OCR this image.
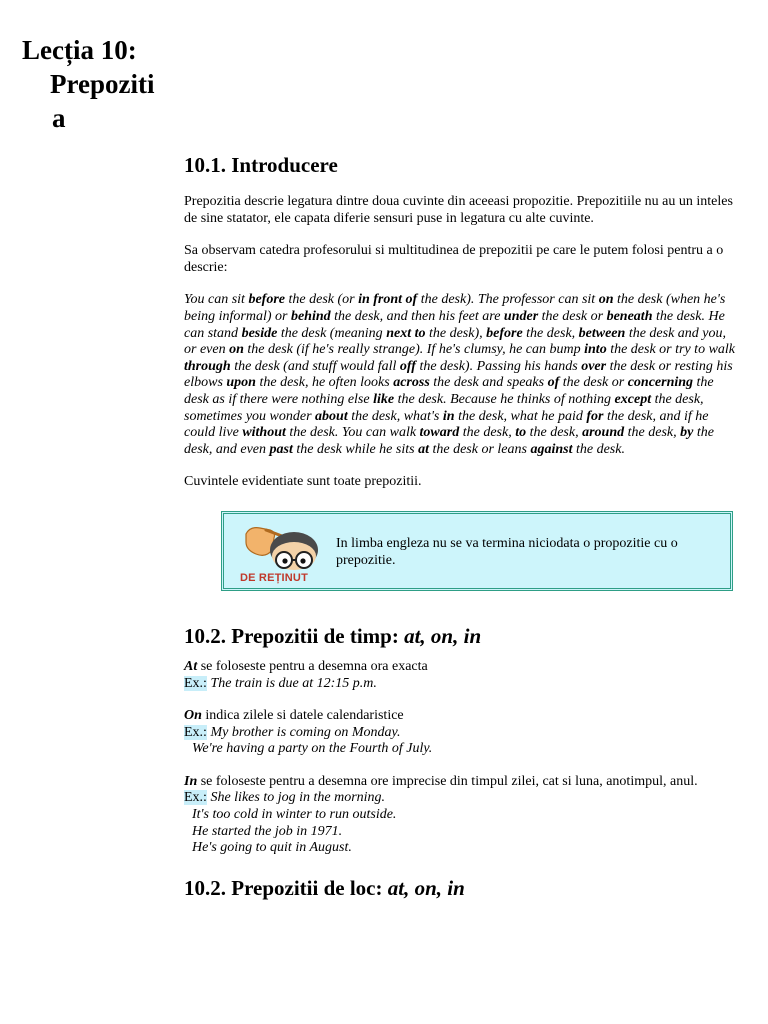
Lecția 10:
Prepoziti
a
10.1. Introducere

Prepozitia descrie legatura dintre doua cuvinte din aceeasi propozitie. Prepozitiile nu au un inteles de sine statator, ele capata diferie sensuri puse in legatura cu alte cuvinte.

Sa observam catedra profesorului si multitudinea de prepozitii pe care le putem folosi pentru a o descrie:

You can sit before the desk (or in front of the desk). The professor can sit on the desk (when he's being informal) or behind the desk, and then his feet are under the desk or beneath the desk. He can stand beside the desk (meaning next to the desk), before the desk, between the desk and you, or even on the desk (if he's really strange). If he's clumsy, he can bump into the desk or try to walk through the desk (and stuff would fall off the desk). Passing his hands over the desk or resting his elbows upon the desk, he often looks across the desk and speaks of the desk or concerning the desk as if there were nothing else like the desk. Because he thinks of nothing except the desk, sometimes you wonder about the desk, what's in the desk, what he paid for the desk, and if he could live without the desk. You can walk toward the desk, to the desk, around the desk, by the desk, and even past the desk while he sits at the desk or leans against the desk.

Cuvintele evidentiate sunt toate prepozitii.

DE REȚINUT
In limba engleza nu se va termina niciodata o propozitie cu o prepozitie.
10.2. Prepozitii de timp: at, on, in

At se foloseste pentru a desemna ora exacta

Ex.: The train is due at 12:15 p.m.

On indica zilele si datele calendaristice

Ex.: My brother is coming on Monday.
We're having a party on the Fourth of July.

In se foloseste pentru a desemna ore imprecise din timpul zilei, cat si luna, anotimpul, anul.

Ex.: She likes to jog in the morning.
It's too cold in winter to run outside.
He started the job in 1971.
He's going to quit in August.

10.2. Prepozitii de loc: at, on, in
